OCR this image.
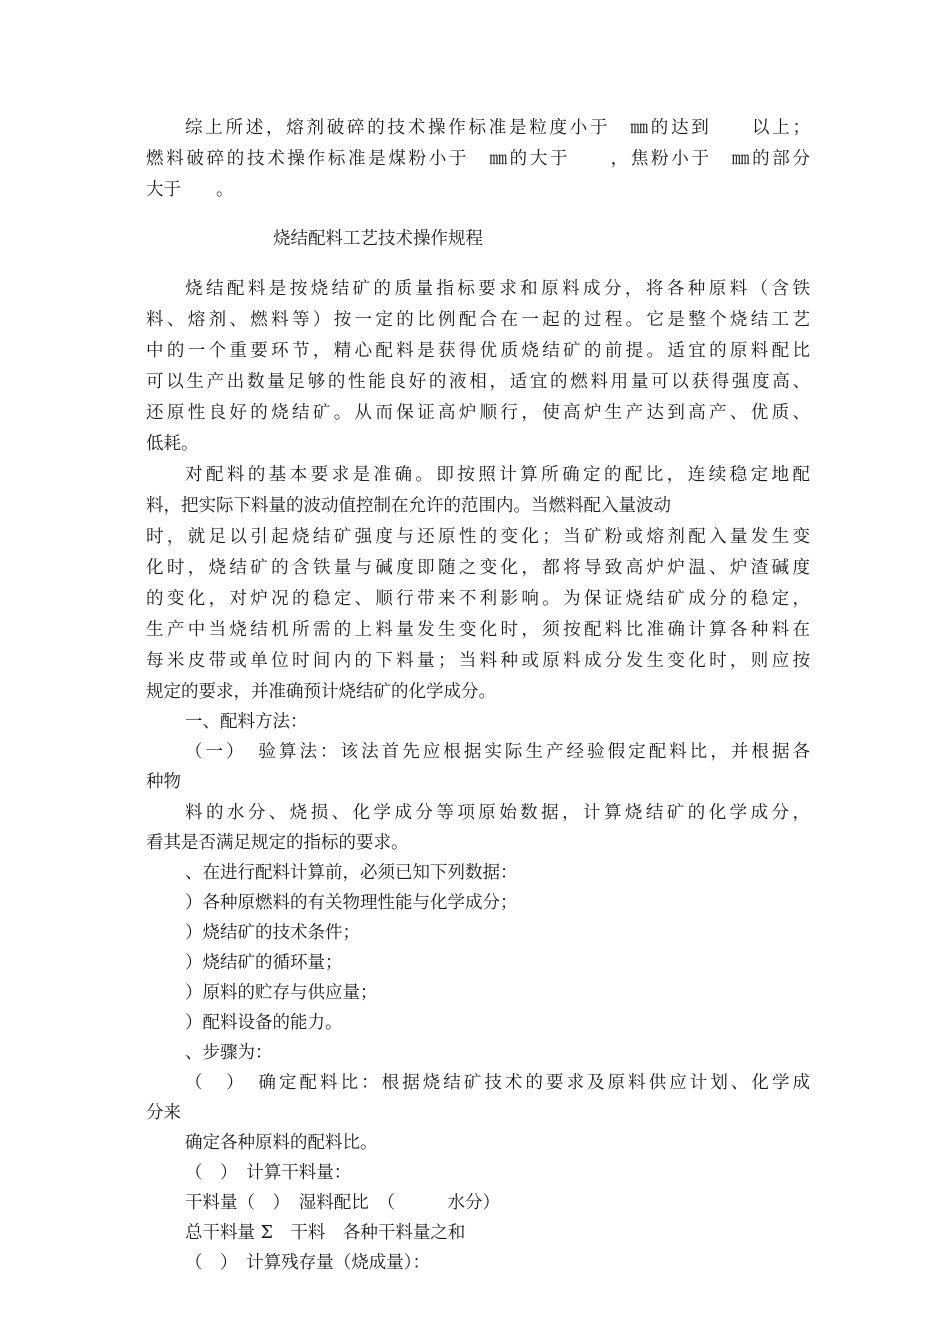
综上所述，熔剂破碎的技术操作标准是粒度小于　㎜的达到　　以上；
燃料破碎的技术操作标准是煤粉小于　㎜的大于　　，焦粉小于　㎜的部分
大于　　。
烧结配料工艺技术操作规程
烧结配料是按烧结矿的质量指标要求和原料成分，将各种原料（含铁
料、熔剂、燃料等）按一定的比例配合在一起的过程。它是整个烧结工艺
中的一个重要环节，精心配料是获得优质烧结矿的前提。适宜的原料配比
可以生产出数量足够的性能良好的液相，适宜的燃料用量可以获得强度高、
还原性良好的烧结矿。从而保证高炉顺行，使高炉生产达到高产、优质、
低耗。
对配料的基本要求是准确。即按照计算所确定的配比，连续稳定地配
料，把实际下料量的波动值控制在允许的范围内。当燃料配入量波动
时，就足以引起烧结矿强度与还原性的变化；当矿粉或熔剂配入量发生变
化时，烧结矿的含铁量与碱度即随之变化，都将导致高炉炉温、炉渣碱度
的变化，对炉况的稳定、顺行带来不利影响。为保证烧结矿成分的稳定，
生产中当烧结机所需的上料量发生变化时，须按配料比准确计算各种料在
每米皮带或单位时间内的下料量；当料种或原料成分发生变化时，则应按
规定的要求，并准确预计烧结矿的化学成分。
一、配料方法：
（一）　验算法：该法首先应根据实际生产经验假定配料比，并根据各
种物
料的水分、烧损、化学成分等项原始数据，计算烧结矿的化学成分，
看其是否满足规定的指标的要求。
、在进行配料计算前，必须已知下列数据：
）各种原燃料的有关物理性能与化学成分；
）烧结矿的技术条件；
）烧结矿的循环量；
）原料的贮存与供应量；
）配料设备的能力。
、步骤为：
（　）　确定配料比：根据烧结矿技术的要求及原料供应计划、化学成
分来
确定各种原料的配料比。
（　）　计算干料量：
干料量（　）　湿料配比　（　　　水分）
总干料量 Σ　干料　各种干料量之和
（　）　计算残存量（烧成量）：
